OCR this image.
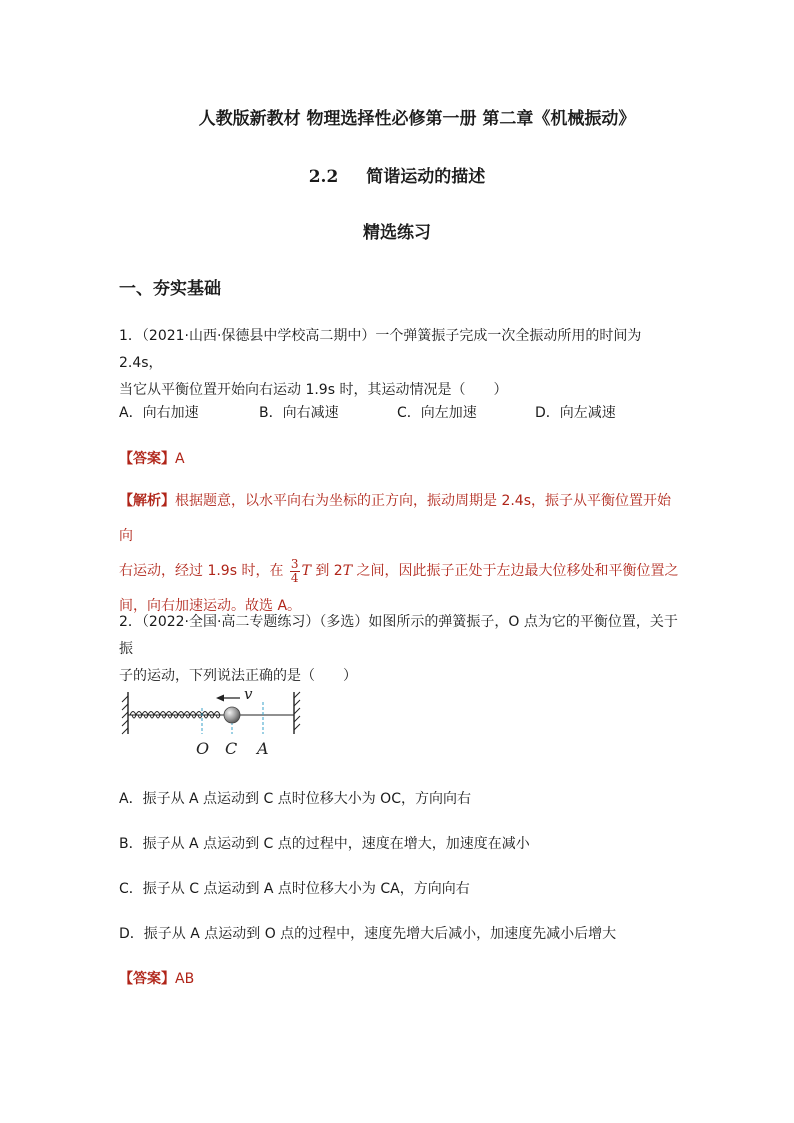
人教版新教材 物理选择性必修第一册 第二章《机械振动》
2.2 简谐运动的描述
精选练习
一、夯实基础
1．（2021·山西·保德县中学校高二期中）一个弹簧振子完成一次全振动所用的时间为 2.4s，
当它从平衡位置开始向右运动 1.9s 时，其运动情况是（　　）
A．向右加速	B．向右减速	C．向左加速	D．向左减速
【答案】A
【解析】根据题意，以水平向右为坐标的正方向，振动周期是 2.4s，振子从平衡位置开始向
右运动，经过 1.9s 时，在 $\frac{3}{4}$ T 到 2T 之间，因此振子正处于左边最大位移处和平衡位置之
间，向右加速运动。故选 A。
2．（2022·全国·高二专题练习）（多选）如图所示的弹簧振子，O 点为它的平衡位置，关于振
子的运动，下列说法正确的是（　　）
v
O C A
A．振子从 A 点运动到 C 点时位移大小为 OC，方向向右
B．振子从 A 点运动到 C 点的过程中，速度在增大，加速度在减小
C．振子从 C 点运动到 A 点时位移大小为 CA，方向向右
D．振子从 A 点运动到 O 点的过程中，速度先增大后减小，加速度先减小后增大
【答案】AB
